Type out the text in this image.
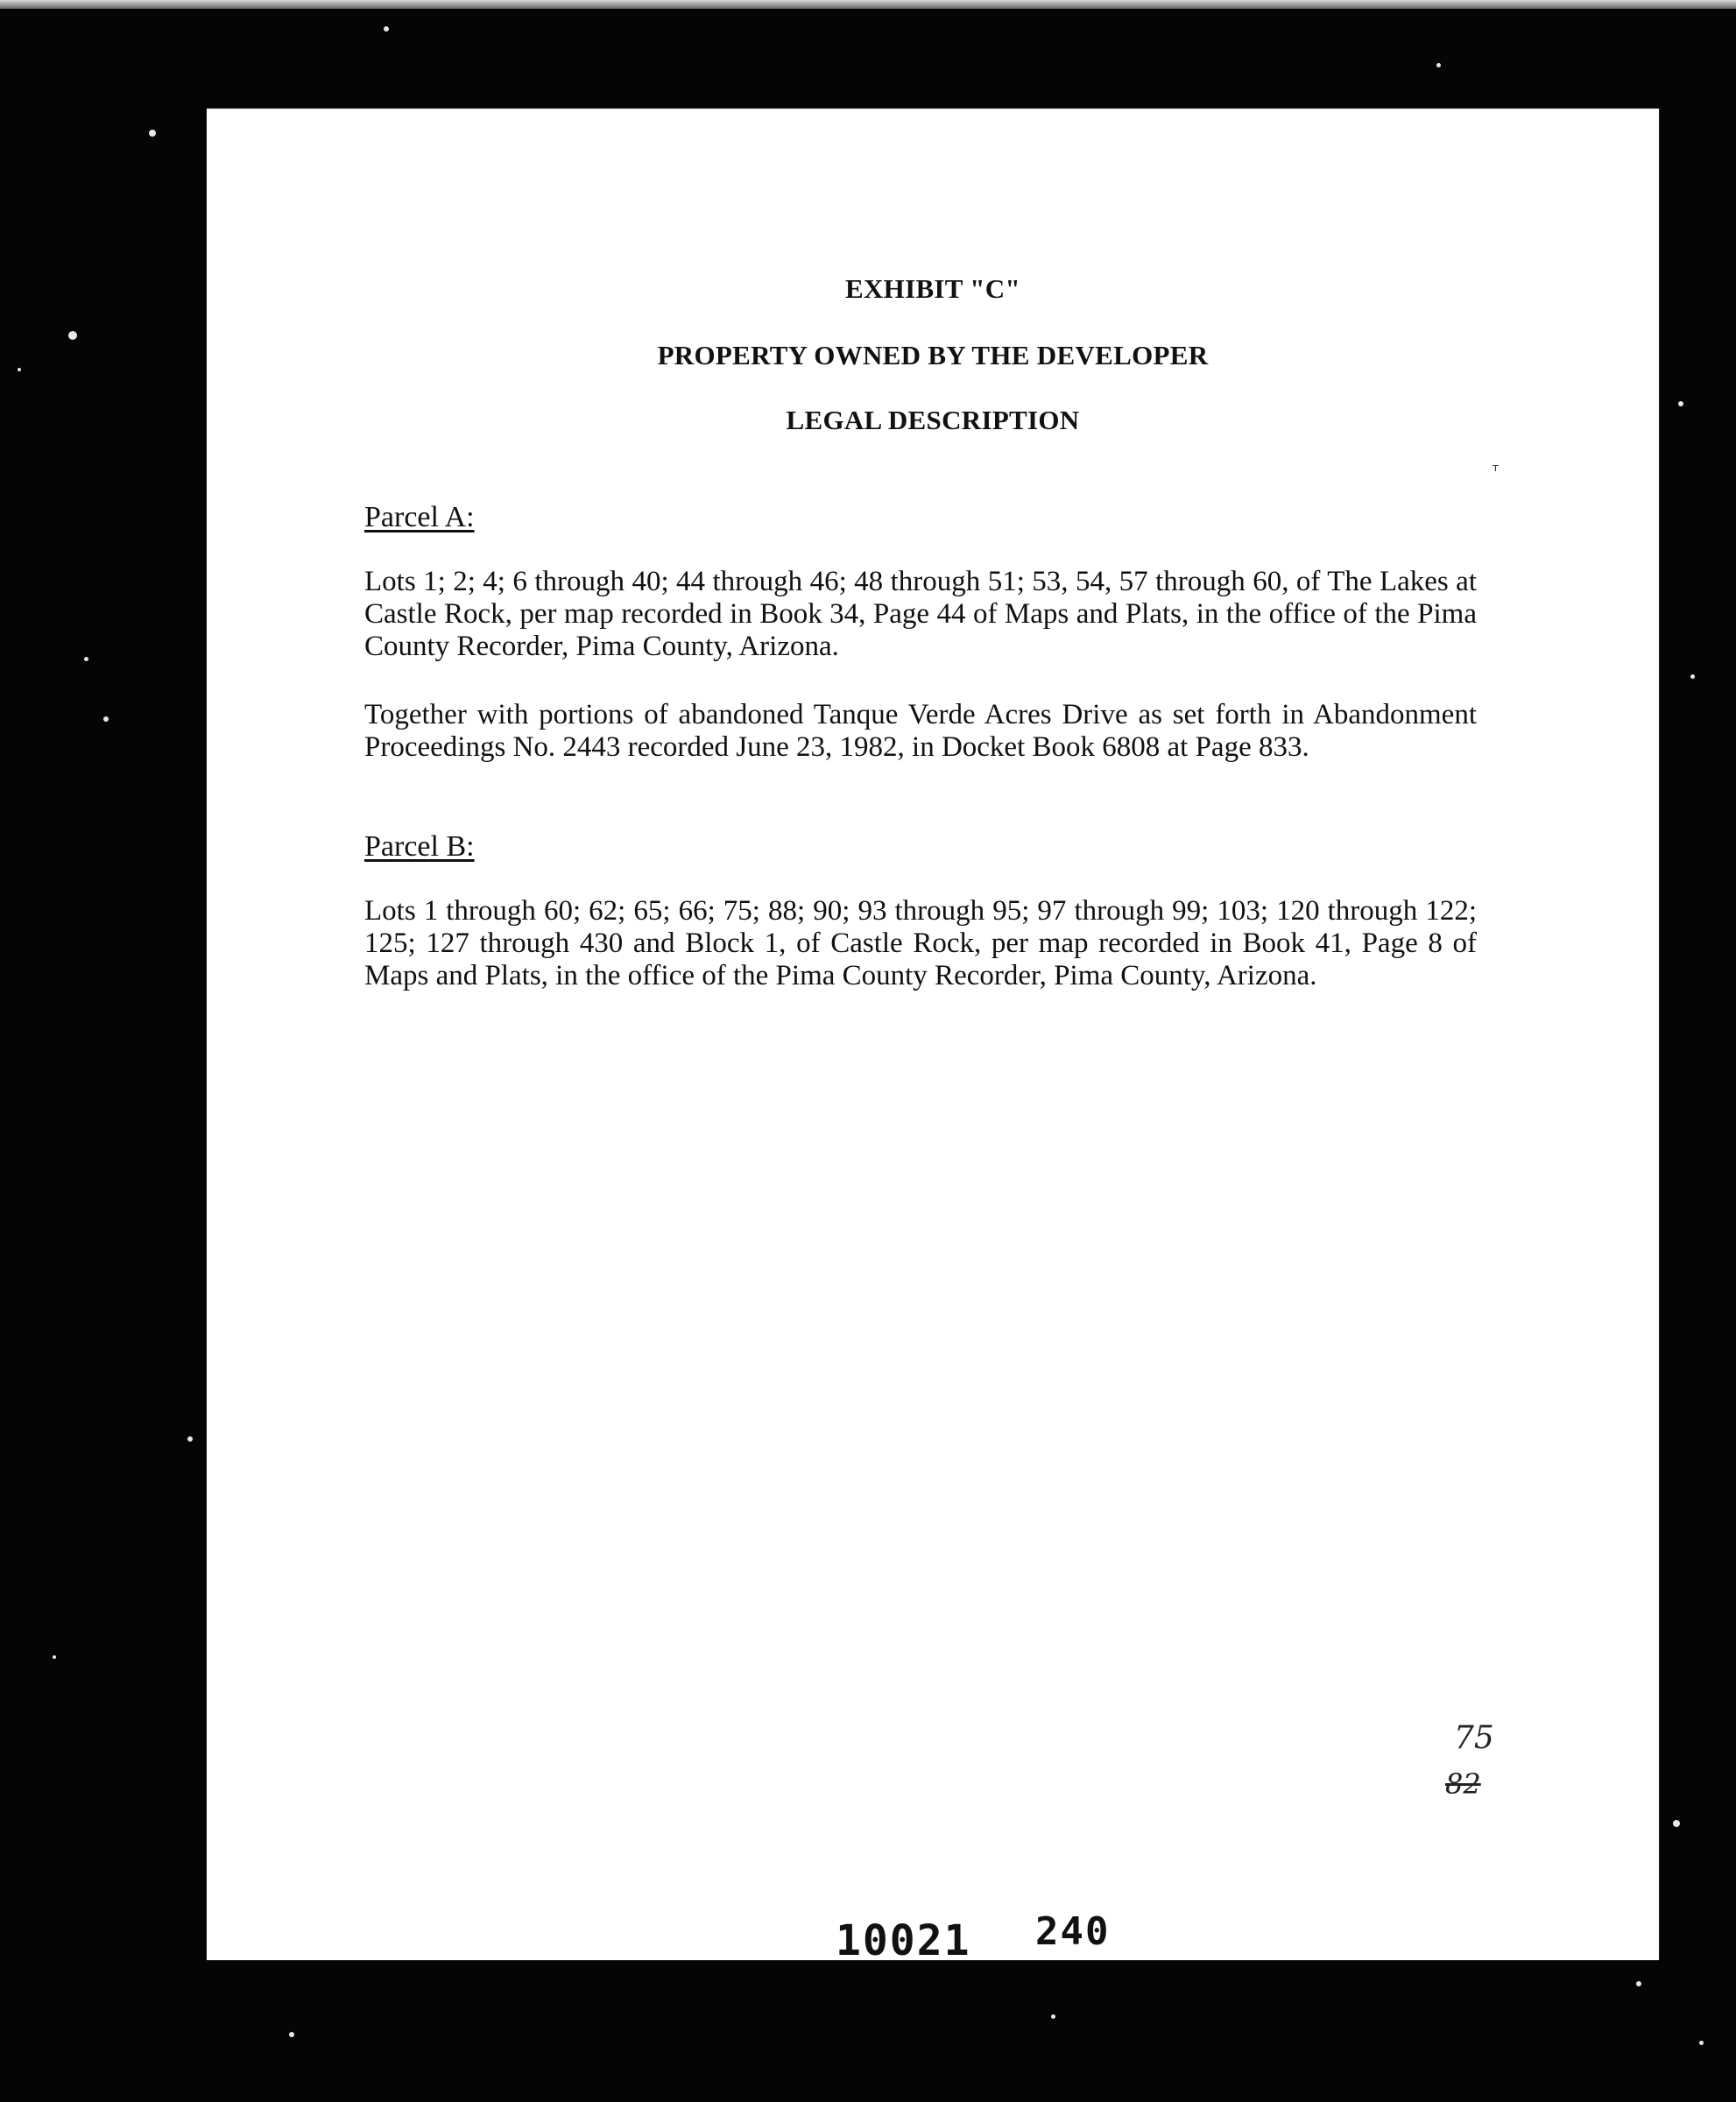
EXHIBIT "C"
PROPERTY OWNED BY THE DEVELOPER
LEGAL DESCRIPTION
ᵀ
Parcel A:
Lots 1; 2; 4; 6 through 40; 44 through 46; 48 through 51; 53, 54, 57 through 60, of The Lakes at Castle Rock, per map recorded in Book 34, Page 44 of Maps and Plats, in the office of the Pima County Recorder, Pima County, Arizona.
Together with portions of abandoned Tanque Verde Acres Drive as set forth in Abandonment Proceedings No. 2443 recorded June 23, 1982, in Docket Book 6808 at Page 833.
Parcel B:
Lots 1 through 60; 62; 65; 66; 75; 88; 90; 93 through 95; 97 through 99; 103; 120 through 122; 125; 127 through 430 and Block 1, of Castle Rock, per map recorded in Book 41, Page 8 of Maps and Plats, in the office of the Pima County Recorder, Pima County, Arizona.
75
82
10021 240
